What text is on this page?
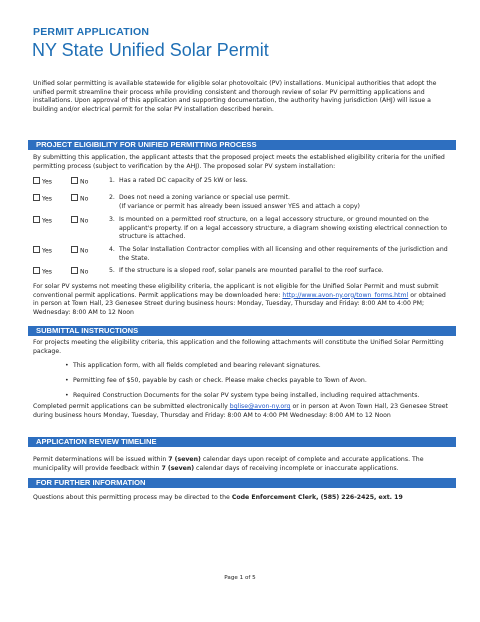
PERMIT APPLICATION
NY State Unified Solar Permit
Unified solar permitting is available statewide for eligible solar photovoltaic (PV) installations. Municipal authorities that adopt the unified permit streamline their process while providing consistent and thorough review of solar PV permitting applications and installations. Upon approval of this application and supporting documentation, the authority having jurisdiction (AHJ) will issue a building and/or electrical permit for the solar PV installation described herein.
PROJECT ELIGIBILITY FOR UNIFIED PERMITTING PROCESS
By submitting this application, the applicant attests that the proposed project meets the established eligibility criteria for the unified permitting process (subject to verification by the AHJ). The proposed solar PV system installation:
Yes	No	1. Has a rated DC capacity of 25 kW or less.
Yes	No	2. Does not need a zoning variance or special use permit.
(If variance or permit has already been issued answer YES and attach a copy)
Yes	No	3. Is mounted on a permitted roof structure, on a legal accessory structure, or ground mounted on the applicant's property. If on a legal accessory structure, a diagram showing existing electrical connection to structure is attached.
Yes	No	4. The Solar Installation Contractor complies with all licensing and other requirements of the jurisdiction and the State.
Yes	No	5. If the structure is a sloped roof, solar panels are mounted parallel to the roof surface.
For solar PV systems not meeting these eligibility criteria, the applicant is not eligible for the Unified Solar Permit and must submit conventional permit applications. Permit applications may be downloaded here: http://www.avon-ny.org/town_forms.html or obtained in person at Town Hall, 23 Genesee Street during business hours: Monday, Tuesday, Thursday and Friday: 8:00 AM to 4:00 PM; Wednesday: 8:00 AM to 12 Noon
SUBMITTAL INSTRUCTIONS
For projects meeting the eligibility criteria, this application and the following attachments will constitute the Unified Solar Permitting package.
• This application form, with all fields completed and bearing relevant signatures.
• Permitting fee of $50, payable by cash or check. Please make checks payable to Town of Avon.
• Required Construction Documents for the solar PV system type being installed, including required attachments.
Completed permit applications can be submitted electronically bglise@avon-ny.org or in person at Avon Town Hall, 23 Genesee Street during business hours Monday, Tuesday, Thursday and Friday: 8:00 AM to 4:00 PM Wednesday: 8:00 AM to 12 Noon
APPLICATION REVIEW TIMELINE
Permit determinations will be issued within 7 (seven) calendar days upon receipt of complete and accurate applications. The municipality will provide feedback within 7 (seven) calendar days of receiving incomplete or inaccurate applications.
FOR FURTHER INFORMATION
Questions about this permitting process may be directed to the Code Enforcement Clerk, (585) 226-2425, ext. 19
Page 1 of 5
